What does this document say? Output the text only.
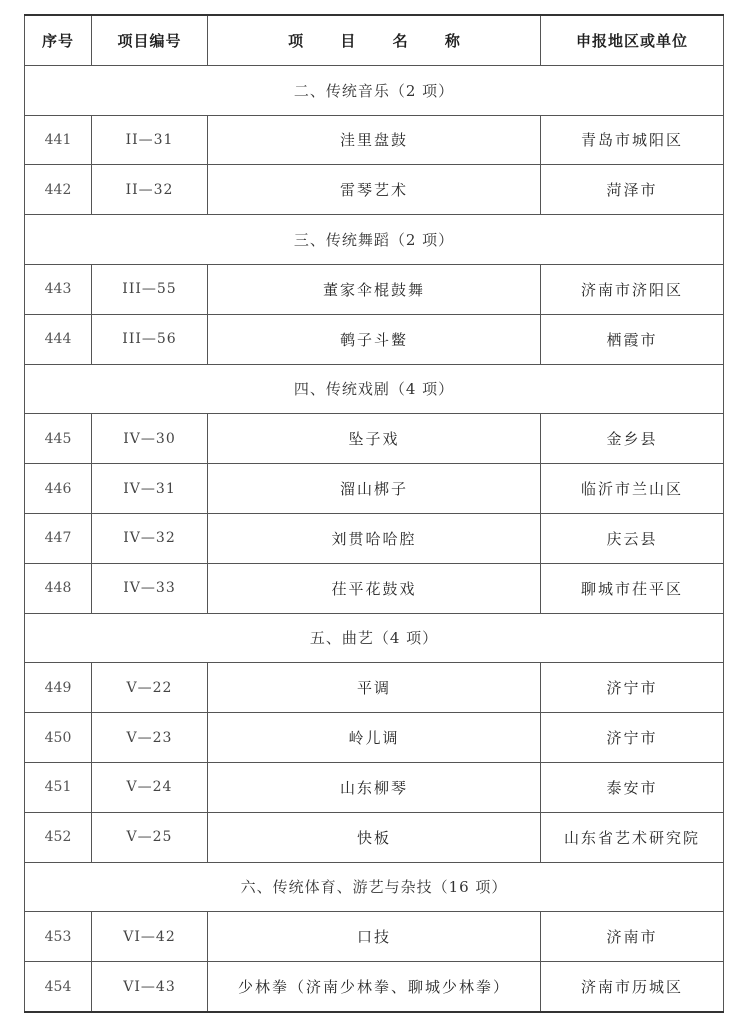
序号	项目编号	项 目 名 称	申报地区或单位
二、传统音乐（2 项）			
441	II—31	洼里盘鼓	青岛市城阳区
442	II—32	雷琴艺术	菏泽市
三、传统舞蹈（2 项）			
443	III—55	董家伞棍鼓舞	济南市济阳区
444	III—56	鹌子斗鳖	栖霞市
四、传统戏剧（4 项）			
445	IV—30	坠子戏	金乡县
446	IV—31	溜山梆子	临沂市兰山区
447	IV—32	刘贯哈哈腔	庆云县
448	IV—33	茌平花鼓戏	聊城市茌平区
五、曲艺（4 项）			
449	V—22	平调	济宁市
450	V—23	岭儿调	济宁市
451	V—24	山东柳琴	泰安市
452	V—25	快板	山东省艺术研究院
六、传统体育、游艺与杂技（16 项）			
453	VI—42	口技	济南市
454	VI—43	少林拳（济南少林拳、聊城少林拳）	济南市历城区
